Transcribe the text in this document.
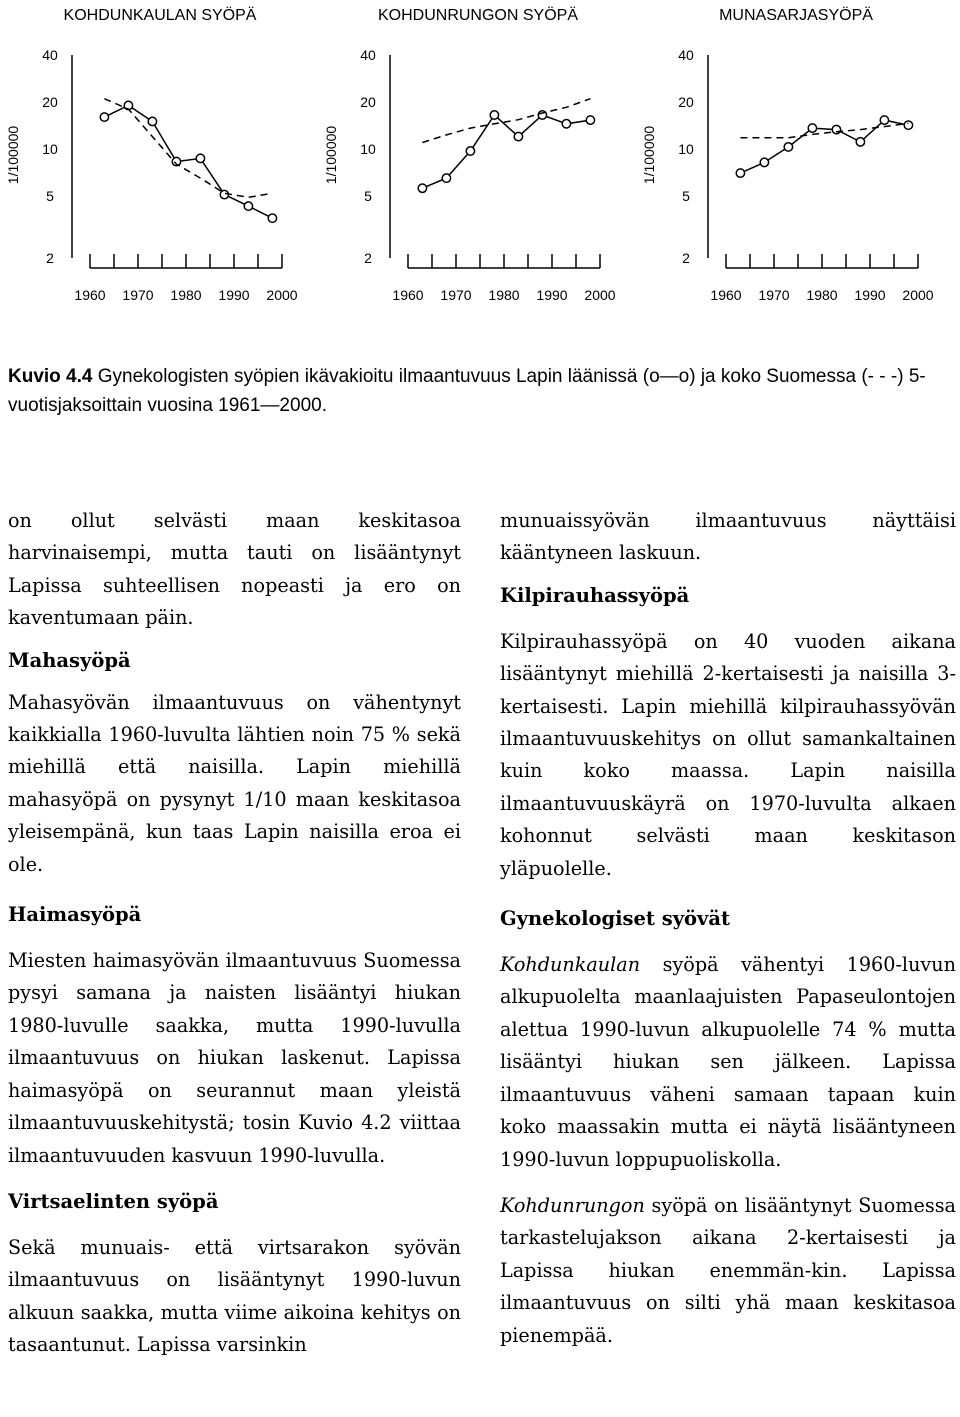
KOHDUNKAULAN SYÖPÄ
1/100000
2
5
10
20
40
1960 1970 1980 1990 2000
KOHDUNRUNGON SYÖPÄ
1/100000
2
5
10
20
40
1960 1970 1980 1990 2000
MUNASARJASYÖPÄ
1/100000
2
5
10
20
40
1960 1970 1980 1990 2000
Kuvio 4.4 Gynekologisten syöpien ikävakioitu ilmaantuvuus Lapin läänissä (o—o) ja koko Suomessa (- - -) 5-vuotisjaksoittain vuosina 1961—2000.

on ollut selvästi maan keskitasoa harvinaisempi, mutta tauti on lisääntynyt Lapissa suhteellisen nopeasti ja ero on kaventumaan päin.

Mahasyöpä

Mahasyövän ilmaantuvuus on vähentynyt kaikkialla 1960-luvulta lähtien noin 75 % sekä miehillä että naisilla. Lapin miehillä mahasyöpä on pysynyt 1/10 maan keskitasoa yleisempänä, kun taas Lapin naisilla eroa ei ole.

Haimasyöpä

Miesten haimasyövän ilmaantuvuus Suomessa pysyi samana ja naisten lisääntyi hiukan 1980-luvulle saakka, mutta 1990-luvulla ilmaantuvuus on hiukan laskenut. Lapissa haimasyöpä on seurannut maan yleistä ilmaantuvuuskehitystä; tosin Kuvio 4.2 viittaa ilmaantuvuuden kasvuun 1990-luvulla.

Virtsaelinten syöpä

Sekä munuais- että virtsarakon syövän ilmaantuvuus on lisääntynyt 1990-luvun alkuun saakka, mutta viime aikoina kehitys on tasaantunut. Lapissa varsinkin

munuaissyövän ilmaantuvuus näyttäisi kääntyneen laskuun.

Kilpirauhassyöpä

Kilpirauhassyöpä on 40 vuoden aikana lisääntynyt miehillä 2-kertaisesti ja naisilla 3-kertaisesti. Lapin miehillä kilpirauhassyövän ilmaantuvuuskehitys on ollut samankaltainen kuin koko maassa. Lapin naisilla ilmaantuvuuskäyrä on 1970-luvulta alkaen kohonnut selvästi maan keskitason yläpuolelle.

Gynekologiset syövät

Kohdunkaulan syöpä vähentyi 1960-luvun alkupuolelta maanlaajuisten Papaseulontojen alettua 1990-luvun alkupuolelle 74 % mutta lisääntyi hiukan sen jälkeen. Lapissa ilmaantuvuus väheni samaan tapaan kuin koko maassakin mutta ei näytä lisääntyneen 1990-luvun loppupuoliskolla.

Kohdunrungon syöpä on lisääntynyt Suomessa tarkastelujakson aikana 2-kertaisesti ja Lapissa hiukan enemmän-kin. Lapissa ilmaantuvuus on silti yhä maan keskitasoa pienempää.
